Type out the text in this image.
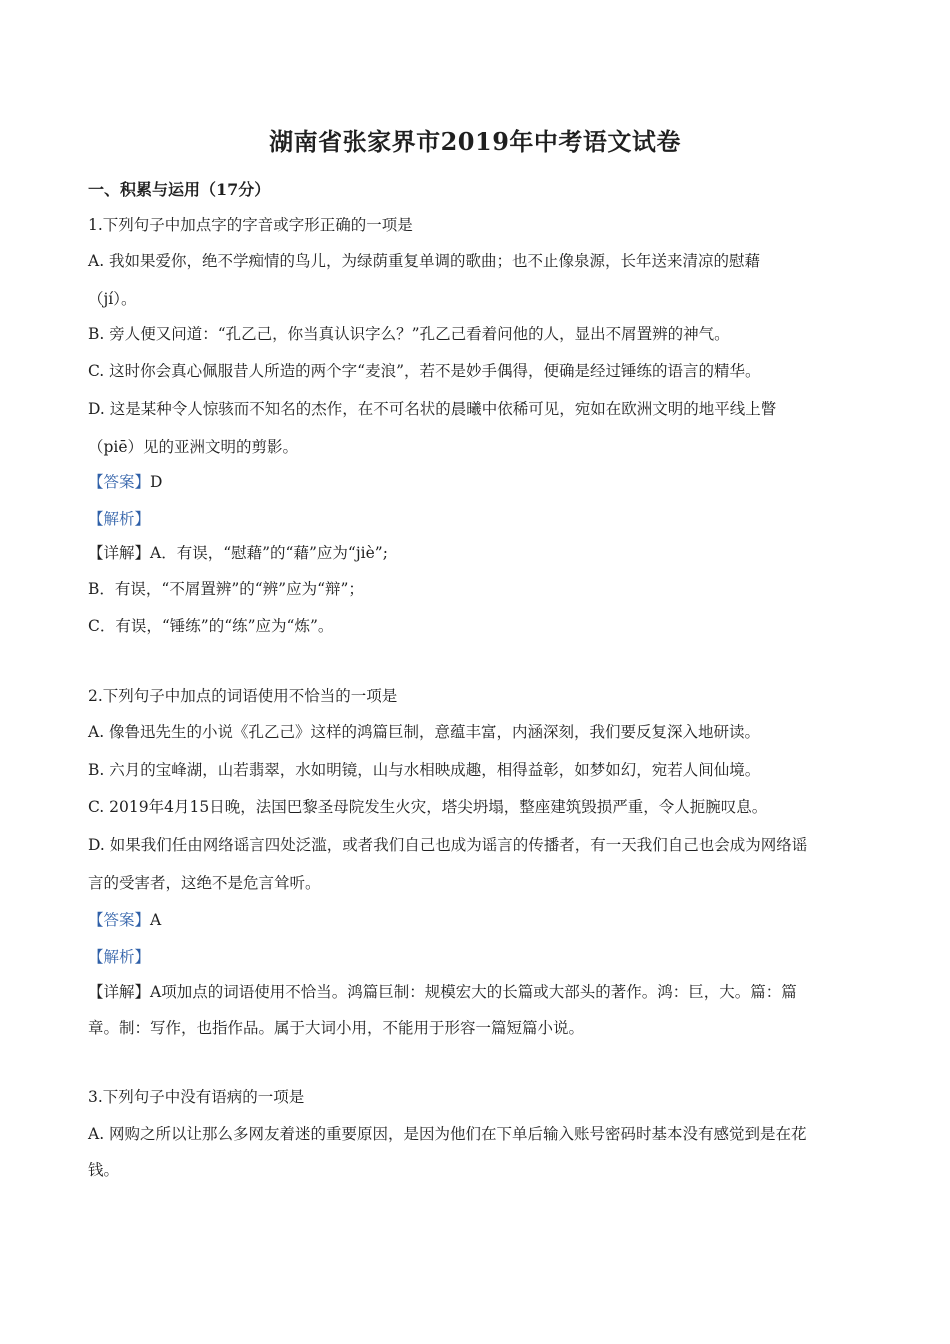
湖南省张家界市2019年中考语文试卷
一、积累与运用（17分）
1.下列句子中加点字的字音或字形正确的一项是
A. 我如果爱你，绝不学痴情的鸟儿，为绿荫重复单调的歌曲；也不止像泉源，长年送来清凉的慰藉
（jí）。
B. 旁人便又问道：“孔乙己，你当真认识字么？”孔乙己看着问他的人，显出不屑置辨的神气。
C. 这时你会真心佩服昔人所造的两个字“麦浪”，若不是妙手偶得，便确是经过锤练的语言的精华。
D. 这是某种令人惊骇而不知名的杰作，在不可名状的晨曦中依稀可见，宛如在欧洲文明的地平线上瞥
（piē）见的亚洲文明的剪影。
【答案】D
【解析】
【详解】A．有误，“慰藉”的“藉”应为“jiè”;
B．有误，“不屑置辨”的“辨”应为“辩”；
C．有误，“锤练”的“练”应为“炼”。
2.下列句子中加点的词语使用不恰当的一项是
A. 像鲁迅先生的小说《孔乙己》这样的鸿篇巨制，意蕴丰富，内涵深刻，我们要反复深入地研读。
B. 六月的宝峰湖，山若翡翠，水如明镜，山与水相映成趣，相得益彰，如梦如幻，宛若人间仙境。
C. 2019年4月15日晚，法国巴黎圣母院发生火灾，塔尖坍塌，整座建筑毁损严重，令人扼腕叹息。
D. 如果我们任由网络谣言四处泛滥，或者我们自己也成为谣言的传播者，有一天我们自己也会成为网络谣
言的受害者，这绝不是危言耸听。
【答案】A
【解析】
【详解】A项加点的词语使用不恰当。鸿篇巨制：规模宏大的长篇或大部头的著作。鸿：巨，大。篇：篇
章。制：写作，也指作品。属于大词小用，不能用于形容一篇短篇小说。
3.下列句子中没有语病的一项是
A. 网购之所以让那么多网友着迷的重要原因，是因为他们在下单后输入账号密码时基本没有感觉到是在花
钱。
